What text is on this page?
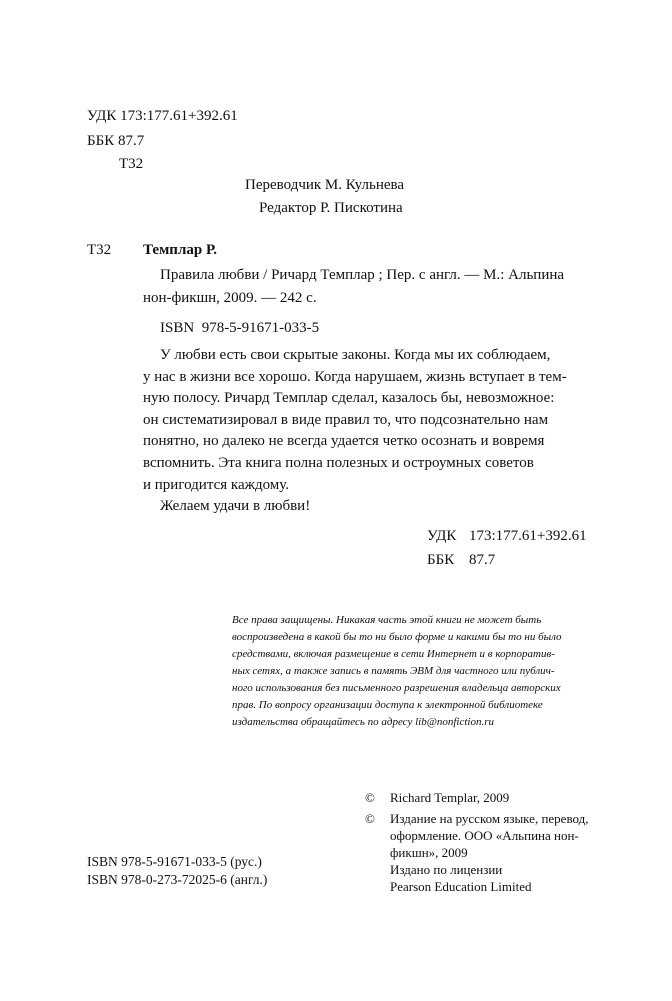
УДК 173:177.61+392.61
ББК 87.7
Т32
Переводчик М. Кульнева
Редактор Р. Пискотина
Т32 Темплар Р.
Правила любви / Ричард Темплар ; Пер. с англ. — М.: Альпина
нон-фикшн, 2009. — 242 с.
ISBN 978-5-91671-033-5
У любви есть свои скрытые законы. Когда мы их соблюдаем,
у нас в жизни все хорошо. Когда нарушаем, жизнь вступает в тем-
ную полосу. Ричард Темплар сделал, казалось бы, невозможное:
он систематизировал в виде правил то, что подсознательно нам
понятно, но далеко не всегда удается четко осознать и вовремя
вспомнить. Эта книга полна полезных и остроумных советов
и пригодится каждому.
Желаем удачи в любви!
УДК 173:177.61+392.61
ББК 87.7
Все права защищены. Никакая часть этой книги не может быть
воспроизведена в какой бы то ни было форме и какими бы то ни было
средствами, включая размещение в сети Интернет и в корпоратив-
ных сетях, а также запись в память ЭВМ для частного или публич-
ного использования без письменного разрешения владельца авторских
прав. По вопросу организации доступа к электронной библиотеке
издательства обращайтесь по адресу lib@nonfiction.ru
© Richard Templar, 2009
© Издание на русском языке, перевод,
оформление. ООО «Альпина нон-
фикшн», 2009
Издано по лицензии
Pearson Education Limited
ISBN 978-5-91671-033-5 (рус.)
ISBN 978-0-273-72025-6 (англ.)
